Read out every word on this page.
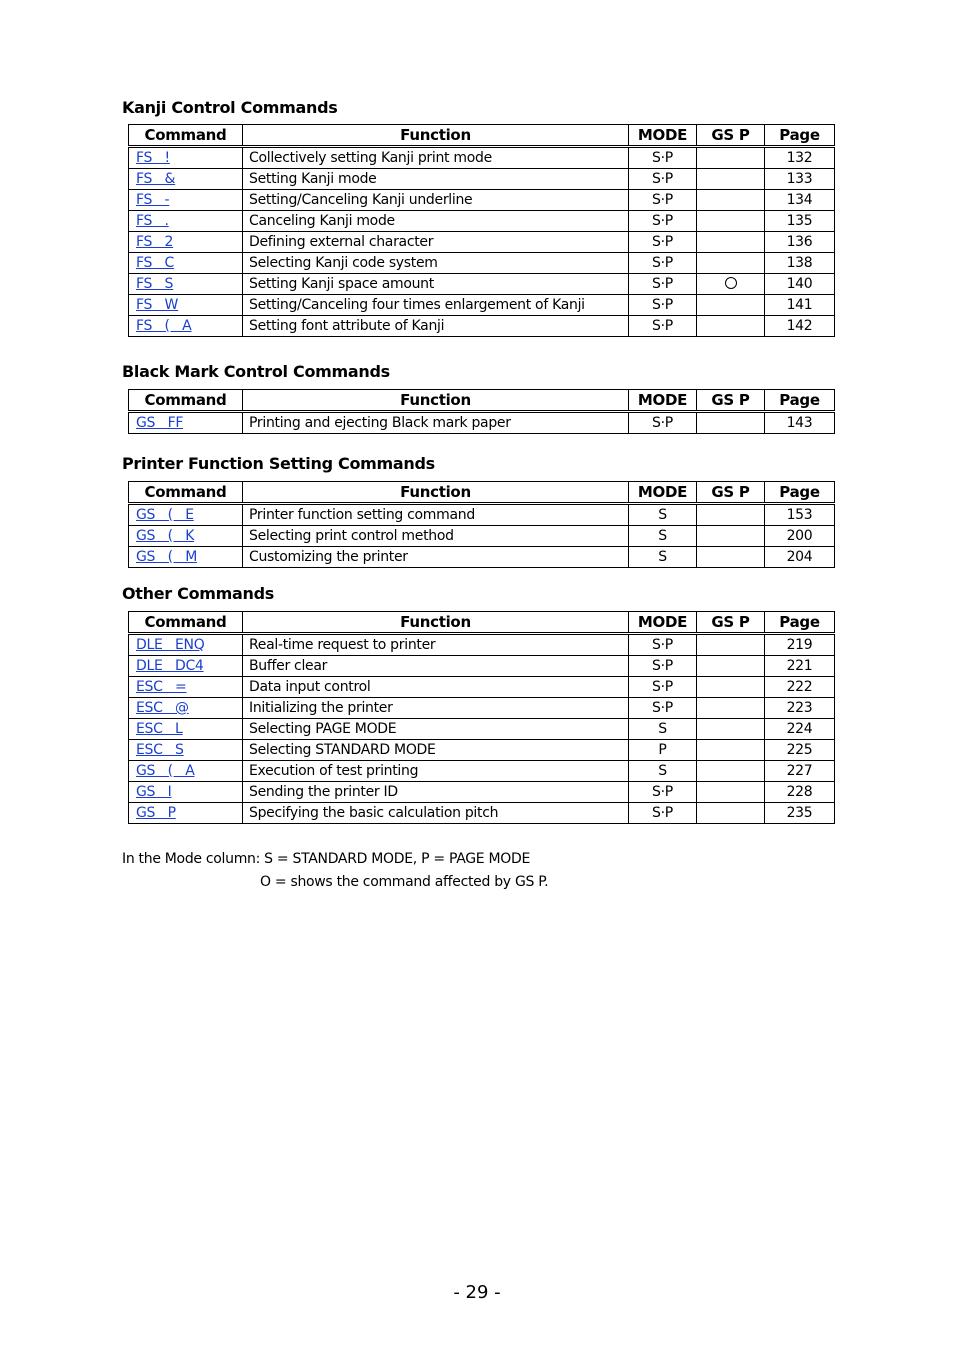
Kanji Control Commands
Command	Function	MODE	GS P	Page
FS   !	Collectively setting Kanji print mode	S·P		132
FS   &	Setting Kanji mode	S·P		133
FS   -	Setting/Canceling Kanji underline	S·P		134
FS   .	Canceling Kanji mode	S·P		135
FS   2	Defining external character	S·P		136
FS   C	Selecting Kanji code system	S·P		138
FS   S	Setting Kanji space amount	S·P		140
FS   W	Setting/Canceling four times enlargement of Kanji	S·P		141
FS   (   A	Setting font attribute of Kanji	S·P		142
Black Mark Control Commands
Command	Function	MODE	GS P	Page
GS   FF	Printing and ejecting Black mark paper	S·P		143
Printer Function Setting Commands
Command	Function	MODE	GS P	Page
GS   (   E	Printer function setting command	S		153
GS   (   K	Selecting print control method	S		200
GS   (   M	Customizing the printer	S		204
Other Commands
Command	Function	MODE	GS P	Page
DLE   ENQ	Real-time request to printer	S·P		219
DLE   DC4	Buffer clear	S·P		221
ESC   =	Data input control	S·P		222
ESC   @	Initializing the printer	S·P		223
ESC   L	Selecting PAGE MODE	S		224
ESC   S	Selecting STANDARD MODE	P		225
GS   (   A	Execution of test printing	S		227
GS   I	Sending the printer ID	S·P		228
GS   P	Specifying the basic calculation pitch	S·P		235
In the Mode column: S = STANDARD MODE, P = PAGE MODE
O = shows the command affected by GS P.
- 29 -
